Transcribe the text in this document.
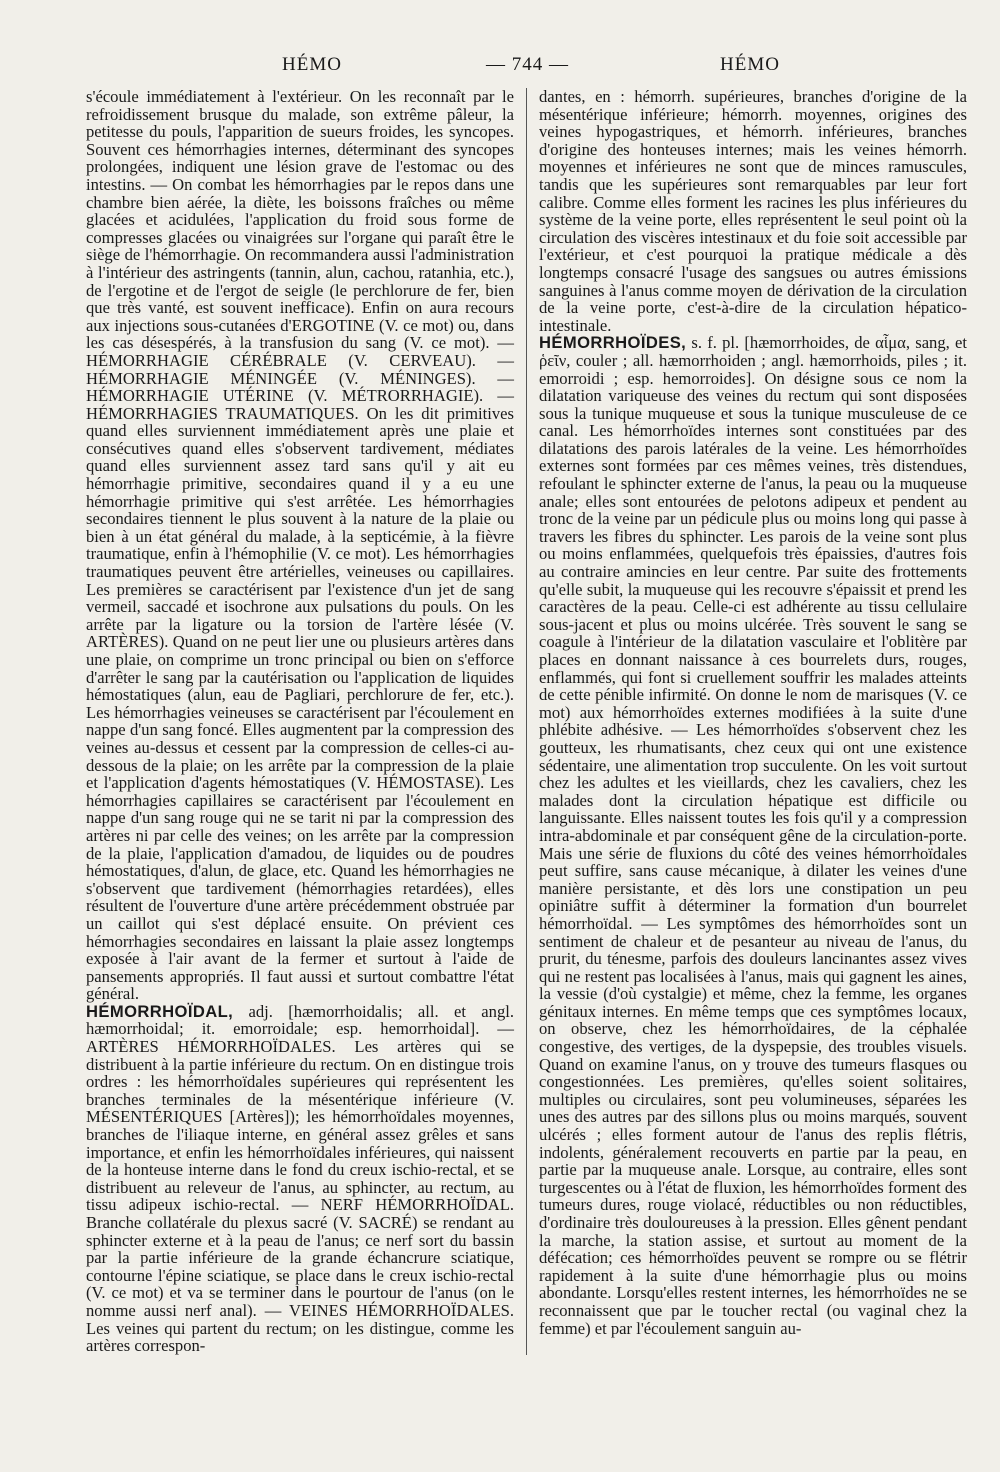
HÉMO	— 744 —	HÉMO

s'écoule immédiatement à l'extérieur. On les reconnaît par le refroidissement brusque du malade, son extrême pâleur, la petitesse du pouls, l'apparition de sueurs froides, les syncopes. Souvent ces hémorrhagies internes, déterminant des syncopes prolongées, indiquent une lésion grave de l'estomac ou des intestins. — On combat les hémorrhagies par le repos dans une chambre bien aérée, la diète, les boissons fraîches ou même glacées et acidulées, l'application du froid sous forme de compresses glacées ou vinaigrées sur l'organe qui paraît être le siège de l'hémorrhagie. On recommandera aussi l'administration à l'intérieur des astringents (tannin, alun, cachou, ratanhia, etc.), de l'ergotine et de l'ergot de seigle (le perchlorure de fer, bien que très vanté, est souvent inefficace). Enfin on aura recours aux injections sous-cutanées d'ERGOTINE (V. ce mot) ou, dans les cas désespérés, à la transfusion du sang (V. ce mot). — HÉMORRHAGIE CÉRÉBRALE (V. CERVEAU). — HÉMORRHAGIE MÉNINGÉE (V. MÉNINGES). — HÉMORRHAGIE UTÉRINE (V. MÉTRORRHAGIE). — HÉMORRHAGIES TRAUMATIQUES. On les dit primitives quand elles surviennent immédiatement après une plaie et consécutives quand elles s'observent tardivement, médiates quand elles surviennent assez tard sans qu'il y ait eu hémorrhagie primitive, secondaires quand il y a eu une hémorrhagie primitive qui s'est arrêtée. Les hémorrhagies secondaires tiennent le plus souvent à la nature de la plaie ou bien à un état général du malade, à la septicémie, à la fièvre traumatique, enfin à l'hémophilie (V. ce mot). Les hémorrhagies traumatiques peuvent être artérielles, veineuses ou capillaires. Les premières se caractérisent par l'existence d'un jet de sang vermeil, saccadé et isochrone aux pulsations du pouls. On les arrête par la ligature ou la torsion de l'artère lésée (V. ARTÈRES). Quand on ne peut lier une ou plusieurs artères dans une plaie, on comprime un tronc principal ou bien on s'efforce d'arrêter le sang par la cautérisation ou l'application de liquides hémostatiques (alun, eau de Pagliari, perchlorure de fer, etc.). Les hémorrhagies veineuses se caractérisent par l'écoulement en nappe d'un sang foncé. Elles augmentent par la compression des veines au-dessus et cessent par la compression de celles-ci au-dessous de la plaie; on les arrête par la compression de la plaie et l'application d'agents hémostatiques (V. HÉMOSTASE). Les hémorrhagies capillaires se caractérisent par l'écoulement en nappe d'un sang rouge qui ne se tarit ni par la compression des artères ni par celle des veines; on les arrête par la compression de la plaie, l'application d'amadou, de liquides ou de poudres hémostatiques, d'alun, de glace, etc. Quand les hémorrhagies ne s'observent que tardivement (hémorrhagies retardées), elles résultent de l'ouverture d'une artère précédemment obstruée par un caillot qui s'est déplacé ensuite. On prévient ces hémorrhagies secondaires en laissant la plaie assez longtemps exposée à l'air avant de la fermer et surtout à l'aide de pansements appropriés. Il faut aussi et surtout combattre l'état général.

HÉMORRHOÏDAL, adj. [hæmorrhoidalis; all. et angl. hæmorrhoidal; it. emorroidale; esp. hemorrhoidal]. — ARTÈRES HÉMORRHOÏDALES. Les artères qui se distribuent à la partie inférieure du rectum. On en distingue trois ordres : les hémorrhoïdales supérieures qui représentent les branches terminales de la mésentérique inférieure (V. MÉSENTÉRIQUES [Artères]); les hémorrhoïdales moyennes, branches de l'iliaque interne, en général assez grêles et sans importance, et enfin les hémorrhoïdales inférieures, qui naissent de la honteuse interne dans le fond du creux ischio-rectal, et se distribuent au releveur de l'anus, au sphincter, au rectum, au tissu adipeux ischio-rectal. — NERF HÉMORRHOÏDAL. Branche collatérale du plexus sacré (V. SACRÉ) se rendant au sphincter externe et à la peau de l'anus; ce nerf sort du bassin par la partie inférieure de la grande échancrure sciatique, contourne l'épine sciatique, se place dans le creux ischio-rectal (V. ce mot) et va se terminer dans le pourtour de l'anus (on le nomme aussi nerf anal). — VEINES HÉMORRHOÏDALES. Les veines qui partent du rectum; on les distingue, comme les artères correspon-

dantes, en : hémorrh. supérieures, branches d'origine de la mésentérique inférieure; hémorrh. moyennes, origines des veines hypogastriques, et hémorrh. inférieures, branches d'origine des honteuses internes; mais les veines hémorrh. moyennes et inférieures ne sont que de minces ramuscules, tandis que les supérieures sont remarquables par leur fort calibre. Comme elles forment les racines les plus inférieures du système de la veine porte, elles représentent le seul point où la circulation des viscères intestinaux et du foie soit accessible par l'extérieur, et c'est pourquoi la pratique médicale a dès longtemps consacré l'usage des sangsues ou autres émissions sanguines à l'anus comme moyen de dérivation de la circulation de la veine porte, c'est-à-dire de la circulation hépatico-intestinale.

HÉMORRHOÏDES, s. f. pl. [hæmorrhoides, de αἷμα, sang, et ῥεῖν, couler ; all. hæmorrhoiden ; angl. hæmorrhoids, piles ; it. emorroidi ; esp. hemorroides]. On désigne sous ce nom la dilatation variqueuse des veines du rectum qui sont disposées sous la tunique muqueuse et sous la tunique musculeuse de ce canal. Les hémorrhoïdes internes sont constituées par des dilatations des parois latérales de la veine. Les hémorrhoïdes externes sont formées par ces mêmes veines, très distendues, refoulant le sphincter externe de l'anus, la peau ou la muqueuse anale; elles sont entourées de pelotons adipeux et pendent au tronc de la veine par un pédicule plus ou moins long qui passe à travers les fibres du sphincter. Les parois de la veine sont plus ou moins enflammées, quelquefois très épaissies, d'autres fois au contraire amincies en leur centre. Par suite des frottements qu'elle subit, la muqueuse qui les recouvre s'épaissit et prend les caractères de la peau. Celle-ci est adhérente au tissu cellulaire sous-jacent et plus ou moins ulcérée. Très souvent le sang se coagule à l'intérieur de la dilatation vasculaire et l'oblitère par places en donnant naissance à ces bourrelets durs, rouges, enflammés, qui font si cruellement souffrir les malades atteints de cette pénible infirmité. On donne le nom de marisques (V. ce mot) aux hémorrhoïdes externes modifiées à la suite d'une phlébite adhésive. — Les hémorrhoïdes s'observent chez les goutteux, les rhumatisants, chez ceux qui ont une existence sédentaire, une alimentation trop succulente. On les voit surtout chez les adultes et les vieillards, chez les cavaliers, chez les malades dont la circulation hépatique est difficile ou languissante. Elles naissent toutes les fois qu'il y a compression intra-abdominale et par conséquent gêne de la circulation-porte. Mais une série de fluxions du côté des veines hémorrhoïdales peut suffire, sans cause mécanique, à dilater les veines d'une manière persistante, et dès lors une constipation un peu opiniâtre suffit à déterminer la formation d'un bourrelet hémorrhoïdal. — Les symptômes des hémorrhoïdes sont un sentiment de chaleur et de pesanteur au niveau de l'anus, du prurit, du ténesme, parfois des douleurs lancinantes assez vives qui ne restent pas localisées à l'anus, mais qui gagnent les aines, la vessie (d'où cystalgie) et même, chez la femme, les organes génitaux internes. En même temps que ces symptômes locaux, on observe, chez les hémorrhoïdaires, de la céphalée congestive, des vertiges, de la dyspepsie, des troubles visuels. Quand on examine l'anus, on y trouve des tumeurs flasques ou congestionnées. Les premières, qu'elles soient solitaires, multiples ou circulaires, sont peu volumineuses, séparées les unes des autres par des sillons plus ou moins marqués, souvent ulcérés ; elles forment autour de l'anus des replis flétris, indolents, généralement recouverts en partie par la peau, en partie par la muqueuse anale. Lorsque, au contraire, elles sont turgescentes ou à l'état de fluxion, les hémorrhoïdes forment des tumeurs dures, rouge violacé, réductibles ou non réductibles, d'ordinaire très douloureuses à la pression. Elles gênent pendant la marche, la station assise, et surtout au moment de la défécation; ces hémorrhoïdes peuvent se rompre ou se flétrir rapidement à la suite d'une hémorrhagie plus ou moins abondante. Lorsqu'elles restent internes, les hémorrhoïdes ne se reconnaissent que par le toucher rectal (ou vaginal chez la femme) et par l'écoulement sanguin au-
